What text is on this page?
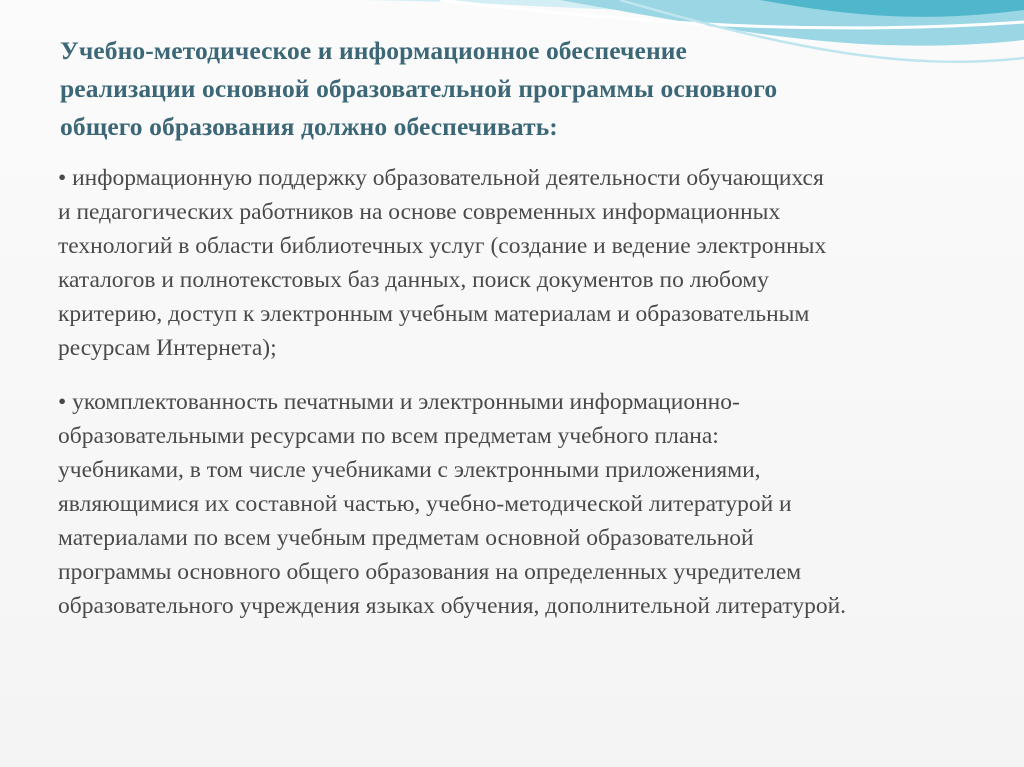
Учебно-методическое и информационное обеспечение
реализации основной образовательной программы основного
общего образования должно обеспечивать:
• информационную поддержку образовательной деятельности обучающихся
и педагогических работников на основе современных информационных
технологий в области библиотечных услуг (создание и ведение электронных
каталогов и полнотекстовых баз данных, поиск документов по любому
критерию, доступ к электронным учебным материалам и образовательным
ресурсам Интернета);
• укомплектованность печатными и электронными информационно-
образовательными ресурсами по всем предметам учебного плана:
учебниками, в том числе учебниками с электронными приложениями,
являющимися их составной частью, учебно-методической литературой и
материалами по всем учебным предметам основной образовательной
программы основного общего образования на определенных учредителем
образовательного учреждения языках обучения, дополнительной литературой.
